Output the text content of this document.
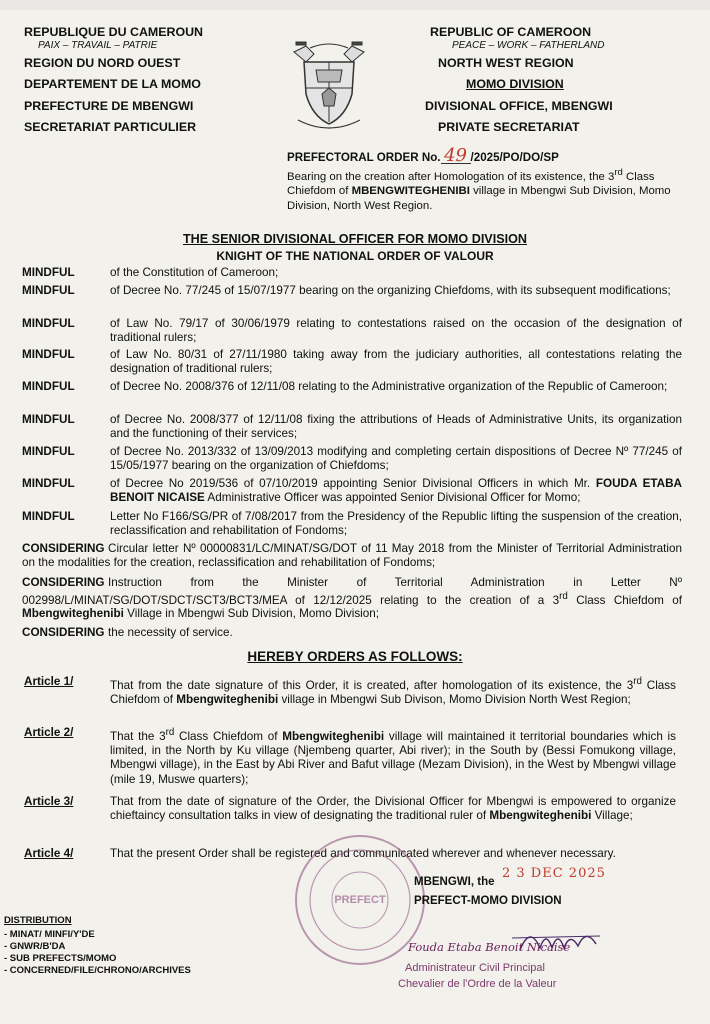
REPUBLIQUE DU CAMEROUN
PAIX – TRAVAIL – PATRIE
REGION DU NORD OUEST
DEPARTEMENT DE LA MOMO
PREFECTURE DE MBENGWI
SECRETARIAT PARTICULIER
REPUBLIC OF CAMEROON
PEACE – WORK – FATHERLAND
NORTH WEST REGION
MOMO DIVISION
DIVISIONAL OFFICE, MBENGWI
PRIVATE SECRETARIAT
PREFECTORAL ORDER No. 49 /2025/PO/DO/SP
Bearing on the creation after Homologation of its existence, the 3rd Class Chiefdom of MBENGWITEGHENIBI village in Mbengwi Sub Division, Momo Division, North West Region.
THE SENIOR DIVISIONAL OFFICER FOR MOMO DIVISION
KNIGHT OF THE NATIONAL ORDER OF VALOUR
MINDFUL	of the Constitution of Cameroon;
MINDFUL	of Decree No. 77/245 of 15/07/1977 bearing on the organizing Chiefdoms, with its subsequent modifications;
MINDFUL	of Law No. 79/17 of 30/06/1979 relating to contestations raised on the occasion of the designation of traditional rulers;
MINDFUL	of Law No. 80/31 of 27/11/1980 taking away from the judiciary authorities, all contestations relating the designation of traditional rulers;
MINDFUL	of Decree No. 2008/376 of 12/11/08 relating to the Administrative organization of the Republic of Cameroon;
MINDFUL	of Decree No. 2008/377 of 12/11/08 fixing the attributions of Heads of Administrative Units, its organization and the functioning of their services;
MINDFUL	of Decree No. 2013/332 of 13/09/2013 modifying and completing certain dispositions of Decree Nº 77/245 of 15/05/1977 bearing on the organization of Chiefdoms;
MINDFUL	of Decree No 2019/536 of 07/10/2019 appointing Senior Divisional Officers in which Mr. FOUDA ETABA BENOIT NICAISE Administrative Officer was appointed Senior Divisional Officer for Momo;
MINDFUL	Letter No F166/SG/PR of 7/08/2017 from the Presidency of the Republic lifting the suspension of the creation, reclassification and rehabilitation of Fondoms;
CONSIDERING Circular letter Nº 00000831/LC/MINAT/SG/DOT of 11 May 2018 from the Minister of Territorial Administration on the modalities for the creation, reclassification and rehabilitation of Fondoms;
CONSIDERING Instruction from the Minister of Territorial Administration in Letter Nº 002998/L/MINAT/SG/DOT/SDCT/SCT3/BCT3/MEA of 12/12/2025 relating to the creation of a 3rd Class Chiefdom of Mbengwiteghenibi Village in Mbengwi Sub Division, Momo Division;
CONSIDERING the necessity of service.
HEREBY ORDERS AS FOLLOWS:
Article 1/	That from the date signature of this Order, it is created, after homologation of its existence, the 3rd Class Chiefdom of Mbengwiteghenibi village in Mbengwi Sub Divison, Momo Division North West Region;
Article 2/	That the 3rd Class Chiefdom of Mbengwiteghenibi village will maintained it territorial boundaries which is limited, in the North by Ku village (Njembeng quarter, Abi river); in the South by (Bessi Fomukong village, Mbengwi village), in the East by Abi River and Bafut village (Mezam Division), in the West by Mbengwi village (mile 19, Muswe quarters);
Article 3/	That from the date of signature of the Order, the Divisional Officer for Mbengwi is empowered to organize chieftaincy consultation talks in view of designating the traditional ruler of Mbengwiteghenibi Village;
Article 4/	That the present Order shall be registered and communicated wherever and whenever necessary.
PREFECT
2 3 DEC 2025
MBENGWI, the
PREFECT-MOMO DIVISION
Fouda Etaba Benoit Nicaise
Administrateur Civil Principal
Chevalier de l'Ordre de la Valeur
DISTRIBUTION
- MINAT/ MINFI/Y'DE
- GNWR/B'DA
- SUB PREFECTS/MOMO
- CONCERNED/FILE/CHRONO/ARCHIVES
